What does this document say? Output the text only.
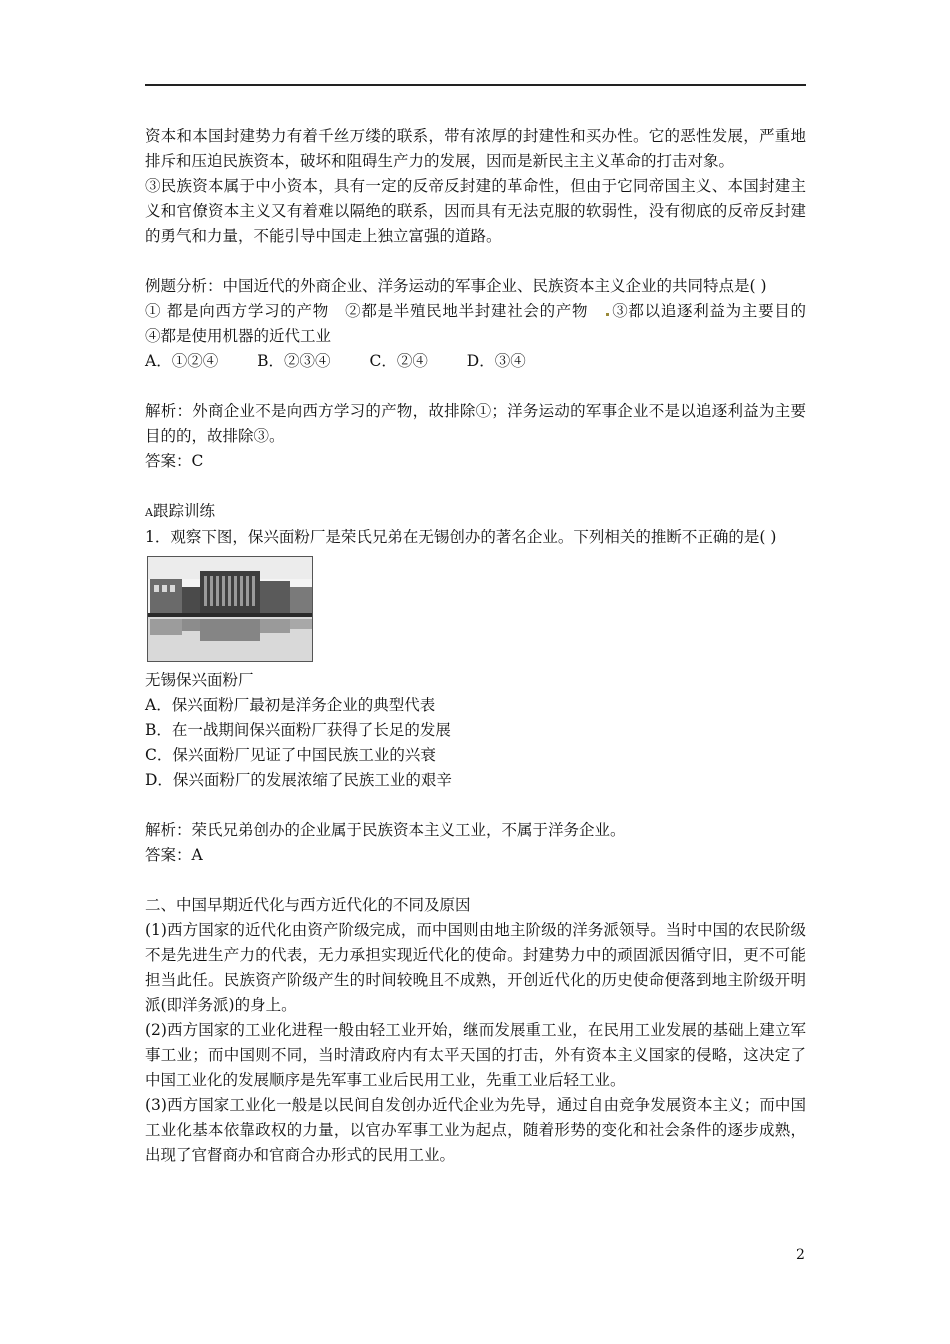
资本和本国封建势力有着千丝万缕的联系，带有浓厚的封建性和买办性。它的恶性发展，严重地排斥和压迫民族资本，破坏和阻碍生产力的发展，因而是新民主主义革命的打击对象。

③民族资本属于中小资本，具有一定的反帝反封建的革命性，但由于它同帝国主义、本国封建主义和官僚资本主义又有着难以隔绝的联系，因而具有无法克服的软弱性，没有彻底的反帝反封建的勇气和力量，不能引导中国走上独立富强的道路。

例题分析：中国近代的外商企业、洋务运动的军事企业、民族资本主义企业的共同特点是( )

① 都是向西方学习的产物　②都是半殖民地半封建社会的产物　 ③都以追逐利益为主要目的　④都是使用机器的近代工业

A．①②④	B．②③④	C．②④	D．③④

解析：外商企业不是向西方学习的产物，故排除①；洋务运动的军事企业不是以追逐利益为主要目的的，故排除③。

答案：C

A跟踪训练

1．观察下图，保兴面粉厂是荣氏兄弟在无锡创办的著名企业。下列相关的推断不正确的是( )

无锡保兴面粉厂

A．保兴面粉厂最初是洋务企业的典型代表

B．在一战期间保兴面粉厂获得了长足的发展

C．保兴面粉厂见证了中国民族工业的兴衰

D．保兴面粉厂的发展浓缩了民族工业的艰辛

解析：荣氏兄弟创办的企业属于民族资本主义工业，不属于洋务企业。

答案：A

二、中国早期近代化与西方近代化的不同及原因

(1)西方国家的近代化由资产阶级完成，而中国则由地主阶级的洋务派领导。当时中国的农民阶级不是先进生产力的代表，无力承担实现近代化的使命。封建势力中的顽固派因循守旧，更不可能担当此任。民族资产阶级产生的时间较晚且不成熟，开创近代化的历史使命便落到地主阶级开明派(即洋务派)的身上。

(2)西方国家的工业化进程一般由轻工业开始，继而发展重工业，在民用工业发展的基础上建立军事工业；而中国则不同，当时清政府内有太平天国的打击，外有资本主义国家的侵略，这决定了中国工业化的发展顺序是先军事工业后民用工业，先重工业后轻工业。

(3)西方国家工业化一般是以民间自发创办近代企业为先导，通过自由竞争发展资本主义；而中国工业化基本依靠政权的力量，以官办军事工业为起点，随着形势的变化和社会条件的逐步成熟，出现了官督商办和官商合办形式的民用工业。

2
